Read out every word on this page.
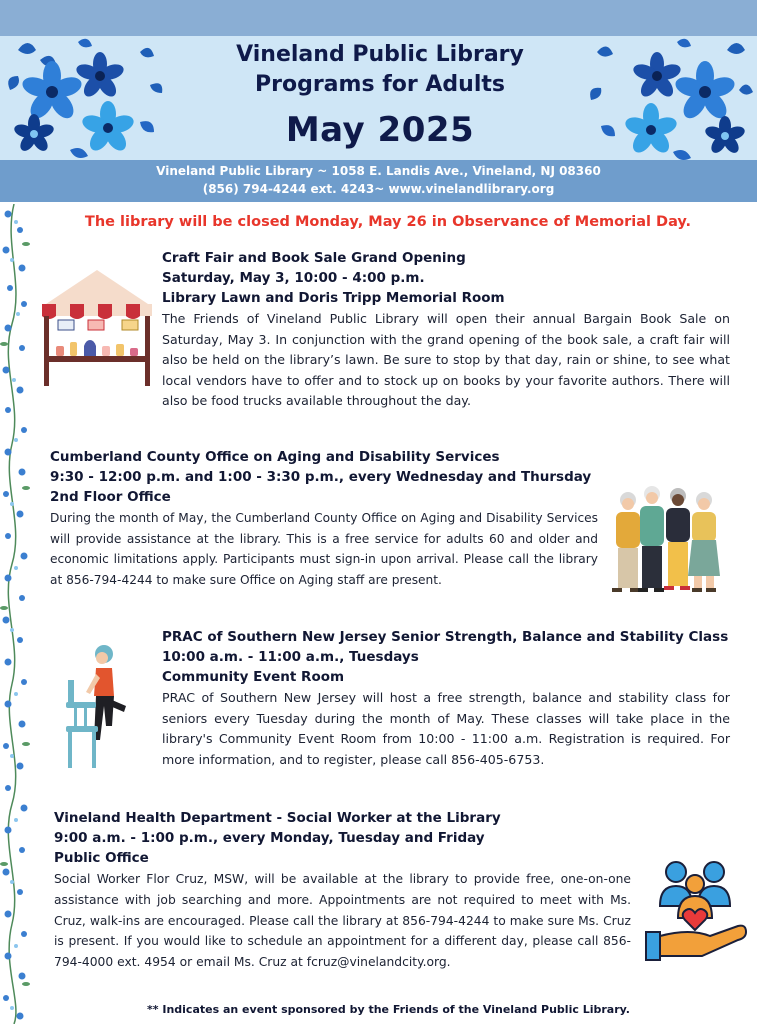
Vineland Public Library
Programs for Adults
May 2025
Vineland Public Library ~ 1058 E. Landis Ave., Vineland, NJ 08360
(856) 794-4244 ext. 4243~ www.vinelandlibrary.org
The library will be closed Monday, May 26 in Observance of Memorial Day.
Craft Fair and Book Sale Grand Opening
Saturday, May 3, 10:00 - 4:00 p.m.
Library Lawn and Doris Tripp Memorial Room
The Friends of Vineland Public Library will open their annual Bargain Book Sale on Saturday, May 3. In conjunction with the grand opening of the book sale, a craft fair will also be held on the library’s lawn. Be sure to stop by that day, rain or shine, to see what local vendors have to offer and to stock up on books by your favorite authors. There will also be food trucks available throughout the day.
Cumberland County Office on Aging and Disability Services
9:30 - 12:00 p.m. and 1:00 - 3:30 p.m., every Wednesday and Thursday
2nd Floor Office
During the month of May, the Cumberland County Office on Aging and Disability Services will provide assistance at the library. This is a free service for adults 60 and older and economic limitations apply. Participants must sign-in upon arrival. Please call the library at 856-794-4244 to make sure Office on Aging staff are present.
PRAC of Southern New Jersey Senior Strength, Balance and Stability Class
10:00 a.m. - 11:00 a.m., Tuesdays
Community Event Room
PRAC of Southern New Jersey will host a free strength, balance and stability class for seniors every Tuesday during the month of May. These classes will take place in the library's Community Event Room from 10:00 - 11:00 a.m. Registration is required. For more information, and to register, please call 856-405-6753.
Vineland Health Department - Social Worker at the Library
9:00 a.m. - 1:00 p.m., every Monday, Tuesday and Friday
Public Office
Social Worker Flor Cruz, MSW, will be available at the library to provide free, one-on-one assistance with job searching and more. Appointments are not required to meet with Ms. Cruz, walk-ins are encouraged. Please call the library at 856-794-4244 to make sure Ms. Cruz is present. If you would like to schedule an appointment for a different day, please call 856-794-4000 ext. 4954 or email Ms. Cruz at fcruz@vinelandcity.org.
** Indicates an event sponsored by the Friends of the Vineland Public Library.
